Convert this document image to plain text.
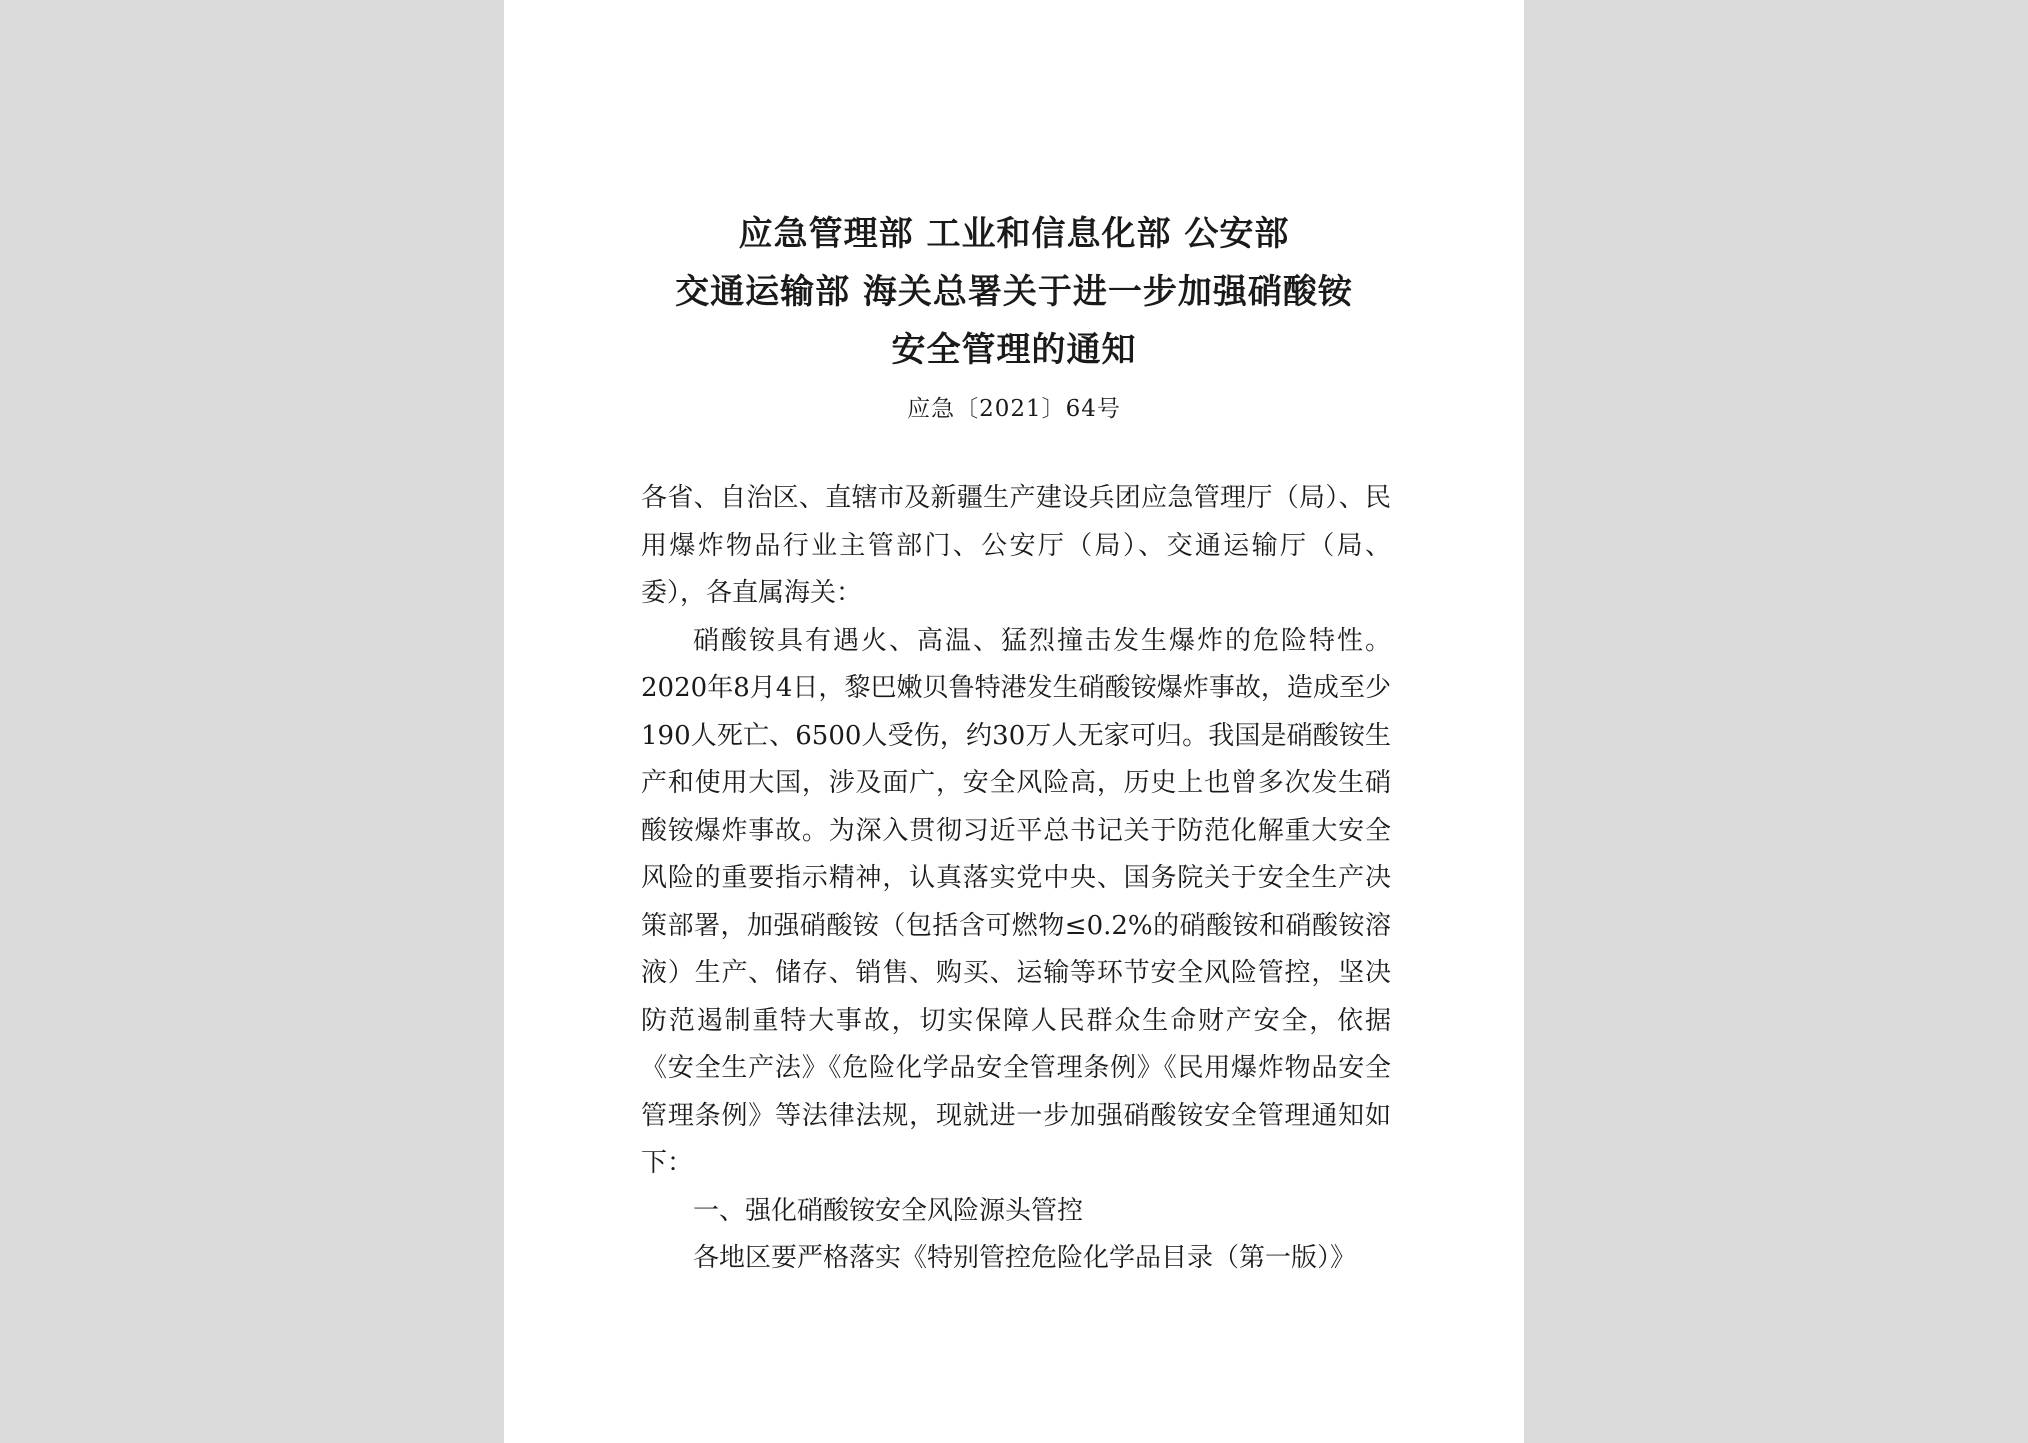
应急管理部 工业和信息化部 公安部
交通运输部 海关总署关于进一步加强硝酸铵
安全管理的通知
应急〔2021〕64号

各省、自治区、直辖市及新疆生产建设兵团应急管理厅（局）、民用爆炸物品行业主管部门、公安厅（局）、交通运输厅（局、委），各直属海关：

硝酸铵具有遇火、高温、猛烈撞击发生爆炸的危险特性。2020年8月4日，黎巴嫩贝鲁特港发生硝酸铵爆炸事故，造成至少190人死亡、6500人受伤，约30万人无家可归。我国是硝酸铵生产和使用大国，涉及面广，安全风险高，历史上也曾多次发生硝酸铵爆炸事故。为深入贯彻习近平总书记关于防范化解重大安全风险的重要指示精神，认真落实党中央、国务院关于安全生产决策部署，加强硝酸铵（包括含可燃物≤0.2%的硝酸铵和硝酸铵溶液）生产、储存、销售、购买、运输等环节安全风险管控，坚决防范遏制重特大事故，切实保障人民群众生命财产安全，依据《安全生产法》《危险化学品安全管理条例》《民用爆炸物品安全管理条例》等法律法规，现就进一步加强硝酸铵安全管理通知如下：

一、强化硝酸铵安全风险源头管控

各地区要严格落实《特别管控危险化学品目录（第一版）》
